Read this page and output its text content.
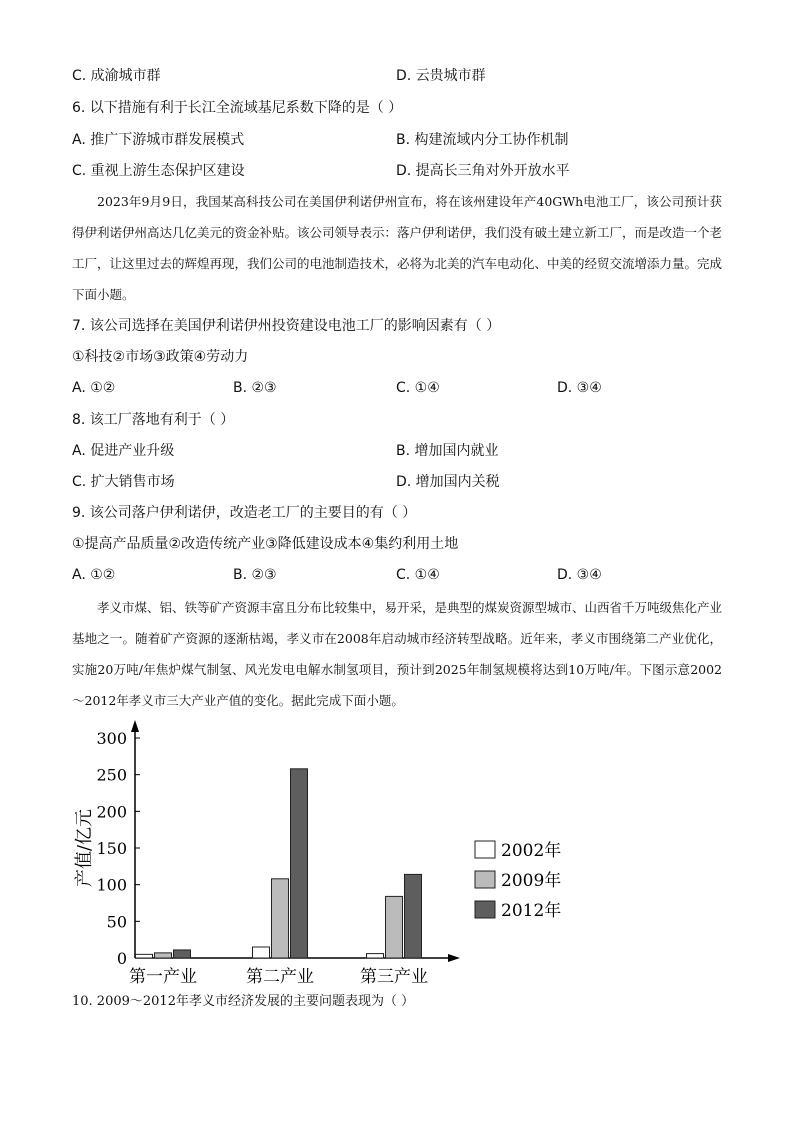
C. 成渝城市群	D. 云贵城市群
6. 以下措施有利于长江全流域基尼系数下降的是（ ）
A. 推广下游城市群发展模式	B. 构建流域内分工协作机制
C. 重视上游生态保护区建设	D. 提高长三角对外开放水平

2023年9月9日，我国某高科技公司在美国伊利诺伊州宣布，将在该州建设年产40GWh电池工厂，该公司预计获得伊利诺伊州高达几亿美元的资金补贴。该公司领导表示：落户伊利诺伊，我们没有破土建立新工厂，而是改造一个老工厂，让这里过去的辉煌再现，我们公司的电池制造技术，必将为北美的汽车电动化、中美的经贸交流增添力量。完成下面小题。

7. 该公司选择在美国伊利诺伊州投资建设电池工厂的影响因素有（ ）
①科技②市场③政策④劳动力
A. ①②	B. ②③	C. ①④	D. ③④
8. 该工厂落地有利于（ ）
A. 促进产业升级	B. 增加国内就业
C. 扩大销售市场	D. 增加国内关税
9. 该公司落户伊利诺伊，改造老工厂的主要目的有（ ）
①提高产品质量②改造传统产业③降低建设成本④集约利用土地
A. ①②	B. ②③	C. ①④	D. ③④

孝义市煤、铝、铁等矿产资源丰富且分布比较集中，易开采，是典型的煤炭资源型城市、山西省千万吨级焦化产业基地之一。随着矿产资源的逐渐枯竭，孝义市在2008年启动城市经济转型战略。近年来，孝义市围绕第二产业优化，实施20万吨/年焦炉煤气制氢、风光发电电解水制氢项目，预计到2025年制氢规模将达到10万吨/年。下图示意2002～2012年孝义市三大产业产值的变化。据此完成下面小题。

0
50
100
150
200
250
300
产值/亿元
第一产业	第二产业	第三产业
2002年
2009年
2012年
10. 2009～2012年孝义市经济发展的主要问题表现为（ ）
